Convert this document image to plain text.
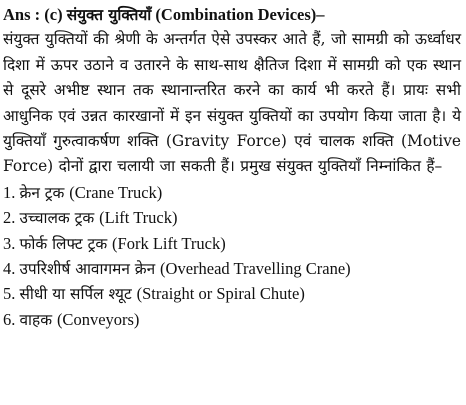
Ans : (c) संयुक्त युक्तियाँ (Combination Devices)–

संयुक्त युक्तियों की श्रेणी के अन्तर्गत ऐसे उपस्कर आते हैं, जो सामग्री को ऊर्ध्वाधर दिशा में ऊपर उठाने व उतारने के साथ-साथ क्षैतिज दिशा में सामग्री को एक स्थान से दूसरे अभीष्ट स्थान तक स्थानान्तरित करने का कार्य भी करते हैं। प्रायः सभी आधुनिक एवं उन्नत कारखानों में इन संयुक्त युक्तियों का उपयोग किया जाता है। ये युक्तियाँ गुरुत्वाकर्षण शक्ति (Gravity Force) एवं चालक शक्ति (Motive Force) दोनों द्वारा चलायी जा सकती हैं। प्रमुख संयुक्त युक्तियाँ निम्नांकित हैं–

1. क्रेन ट्रक (Crane Truck)
2. उच्चालक ट्रक (Lift Truck)
3. फोर्क लिफ्ट ट्रक (Fork Lift Truck)
4. उपरिशीर्ष आवागमन क्रेन (Overhead Travelling Crane)
5. सीधी या सर्पिल श्यूट (Straight or Spiral Chute)
6. वाहक (Conveyors)
